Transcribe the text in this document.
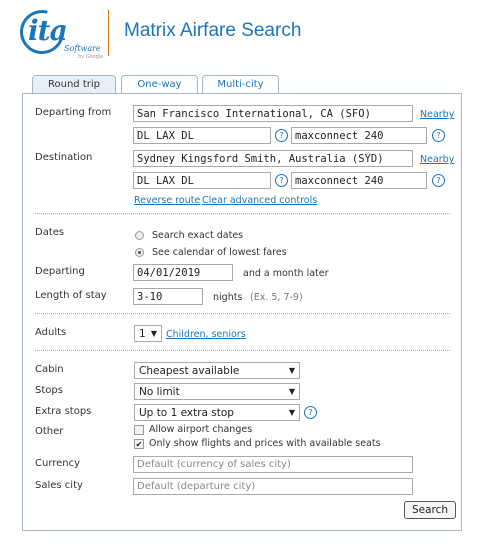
ita
Software
by Google
Matrix Airfare Search
Round trip	One-way	Multi-city
Departing from	San Francisco International, CA (SFO)	Nearby
DL LAX DL	?	maxconnect 240	?
Destination	Sydney Kingsford Smith, Australia (SYD)	Nearby
DL LAX DL	?	maxconnect 240	?
Reverse route Clear advanced controls
Dates	Search exact dates
See calendar of lowest fares
Departing	04/01/2019	and a month later
Length of stay	3-10	nights (Ex. 5, 7-9)
Adults	1 ▼ Children, seniors
Cabin	Cheapest available	▼
Stops	No limit	▼
Extra stops	Up to 1 extra stop	▼	?
Other	Allow airport changes
✔ Only show flights and prices with available seats
Currency	Default (currency of sales city)
Sales city	Default (departure city)
Search
